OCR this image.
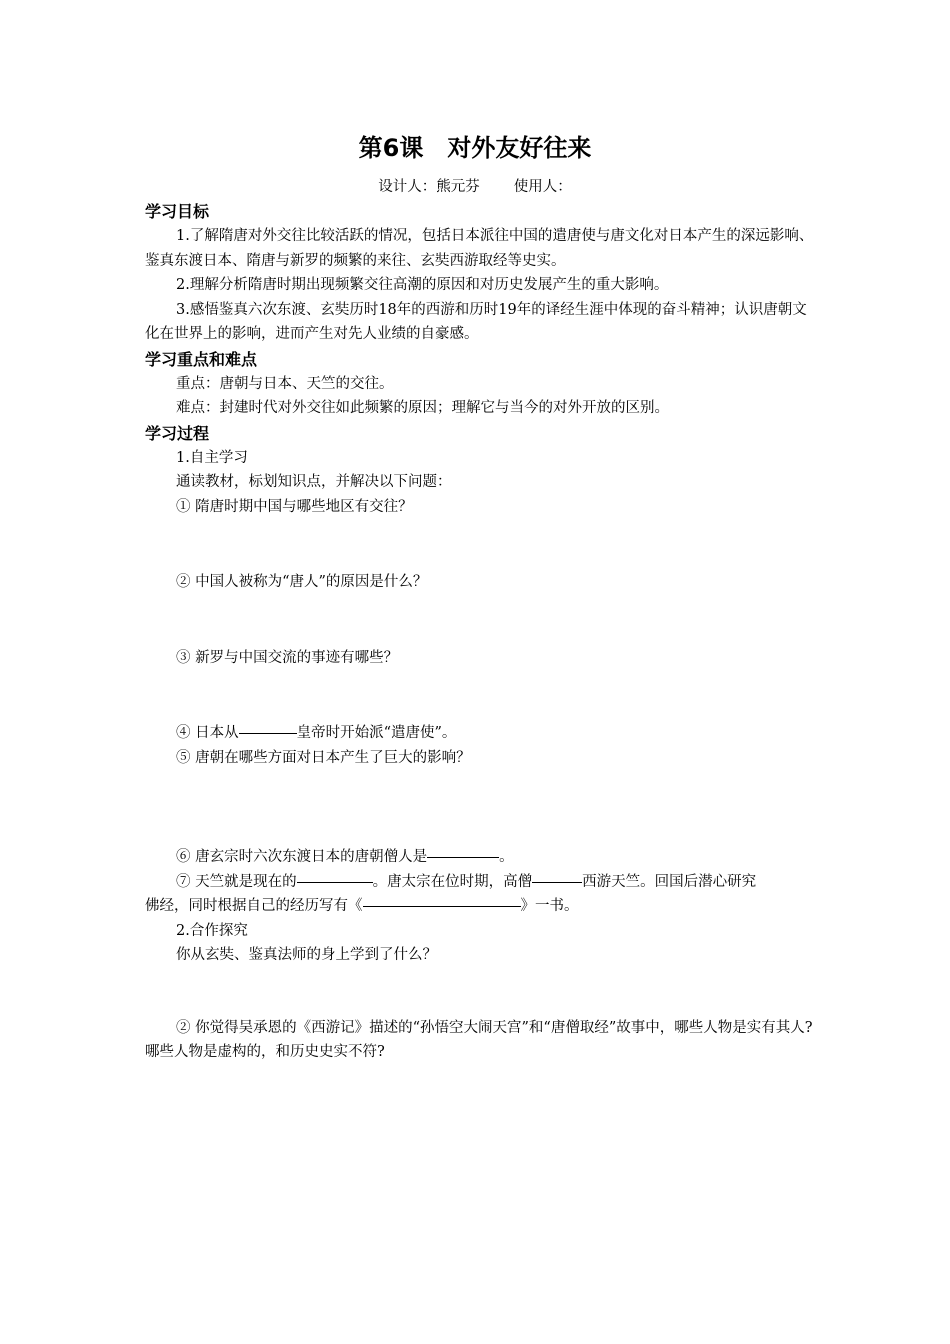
第6课　对外友好往来
设计人：熊元芬 使用人：

学习目标

1.了解隋唐对外交往比较活跃的情况，包括日本派往中国的遣唐使与唐文化对日本产生的深远影响、鉴真东渡日本、隋唐与新罗的频繁的来往、玄奘西游取经等史实。

2.理解分析隋唐时期出现频繁交往高潮的原因和对历史发展产生的重大影响。

3.感悟鉴真六次东渡、玄奘历时18年的西游和历时19年的译经生涯中体现的奋斗精神；认识唐朝文化在世界上的影响，进而产生对先人业绩的自豪感。

学习重点和难点

重点：唐朝与日本、天竺的交往。

难点：封建时代对外交往如此频繁的原因；理解它与当今的对外开放的区别。

学习过程

1.自主学习

通读教材，标划知识点，并解决以下问题：

① 隋唐时期中国与哪些地区有交往？

② 中国人被称为“唐人”的原因是什么？

③ 新罗与中国交流的事迹有哪些？

④ 日本从	皇帝时开始派“遣唐使”。

⑤ 唐朝在哪些方面对日本产生了巨大的影响？

⑥ 唐玄宗时六次东渡日本的唐朝僧人是	。

⑦ 天竺就是现在的	。唐太宗在位时期，高僧	西游天竺。回国后潜心研究

佛经，同时根据自己的经历写有《	》一书。

2.合作探究

你从玄奘、鉴真法师的身上学到了什么？

② 你觉得吴承恩的《西游记》描述的“孙悟空大闹天宫”和“唐僧取经”故事中，哪些人物是实有其人?哪些人物是虚构的，和历史史实不符?
